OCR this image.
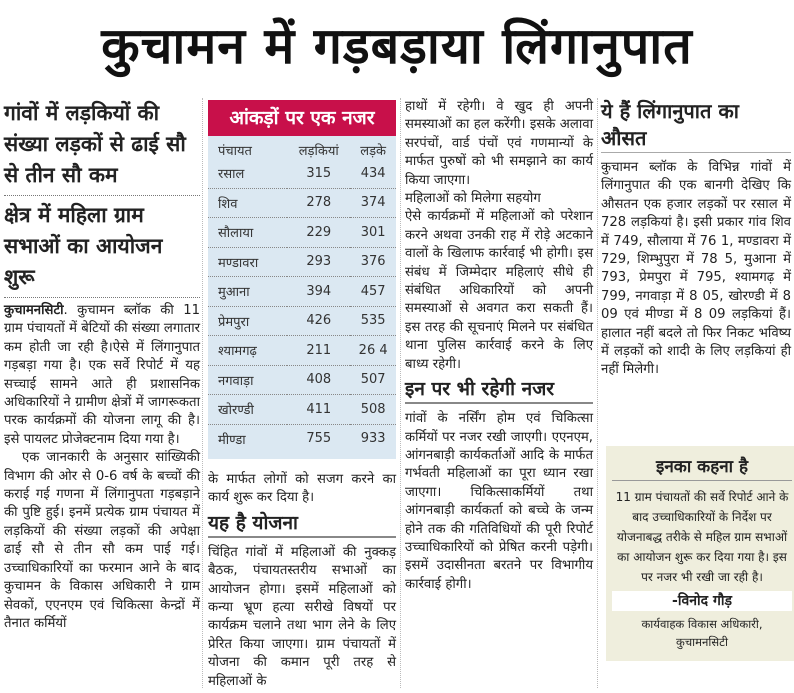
कुचामन में गड़बड़ाया लिंगानुपात
गांवों में लड़कियों की संख्या लड़कों से ढाई सौ से तीन सौ कम
क्षेत्र में महिला ग्राम सभाओं का आयोजन शुरू

कुचामनसिटी. कुचामन ब्लॉक की 11 ग्राम पंचायतों में बेटियों की संख्या लगातार कम होती जा रही है।ऐसे में लिंगानुपात गड़बड़ा गया है। एक सर्वे रिपोर्ट में यह सच्चाई सामने आते ही प्रशासनिक अधिकारियों ने ग्रामीण क्षेत्रों में जागरूकता परक कार्यक्रमों की योजना लागू की है। इसे पायलट प्रोजेक्टनाम दिया गया है।

एक जानकारी के अनुसार सांख्यिकी विभाग की ओर से 0-6 वर्ष के बच्चों की कराई गई गणना में लिंगानुपता गड़बड़ाने की पुष्टि हुई। इनमें प्रत्येक ग्राम पंचायत में लड़कियों की संख्या लड़कों की अपेक्षा ढाई सौ से तीन सौ कम पाई गई। उच्चाधिकारियों का फरमान आने के बाद कुचामन के विकास अधिकारी ने ग्राम सेवकों, एएनएम एवं चिकित्सा केन्द्रों में तैनात कर्मियों

आंकड़ों पर एक नजर
पंचायत	लड़कियां	लड़के
रसाल	315	434
शिव	278	374
सौलाया	229	301
मण्डावरा	293	376
मुआना	394	457
प्रेमपुरा	426	535
श्यामगढ़	211	26 4
नगवाड़ा	408	507
खोरण्डी	411	508
मीण्डा	755	933

के मार्फत लोगों को सजग करने का कार्य शुरू कर दिया है।

यह है योजना

चिंहित गांवों में महिलाओं की नुक्कड़ बैठक, पंचायतस्तरीय सभाओं का आयोजन होगा। इसमें महिलाओं को कन्या भ्रूण हत्या सरीखे विषयों पर कार्यक्रम चलाने तथा भाग लेने के लिए प्रेरित किया जाएगा। ग्राम पंचायतों में योजना की कमान पूरी तरह से महिलाओं के

हाथों में रहेगी। वे खुद ही अपनी समस्याओं का हल करेंगी। इसके अलावा सरपंचों, वार्ड पंचों एवं गणमान्यों के मार्फत पुरुषों को भी समझाने का कार्य किया जाएगा।

महिलाओं को मिलेगा सहयोग

ऐसे कार्यक्रमों में महिलाओं को परेशान करने अथवा उनकी राह में रोड़े अटकाने वालों के खिलाफ कार्रवाई भी होगी। इस संबंध में जिम्मेदार महिलाएं सीधे ही संबंधित अधिकारियों को अपनी समस्याओं से अवगत करा सकती हैं। इस तरह की सूचनाएं मिलने पर संबंधित थाना पुलिस कार्रवाई करने के लिए बाध्य रहेगी।

इन पर भी रहेगी नजर

गांवों के नर्सिंग होम एवं चिकित्सा कर्मियों पर नजर रखी जाएगी। एएनएम, आंगनबाड़ी कार्यकर्ताओं आदि के मार्फत गर्भवती महिलाओं का पूरा ध्यान रखा जाएगा। चिकित्साकर्मियों तथा आंगनबाड़ी कार्यकर्ता को बच्चे के जन्म होने तक की गतिविधियों की पूरी रिपोर्ट उच्चाधिकारियों को प्रेषित करनी पड़ेगी। इसमें उदासीनता बरतने पर विभागीय कार्रवाई होगी।

ये हैं लिंगानुपात का औसत

कुचामन ब्लॉक के विभिन्न गांवों में लिंगानुपात की एक बानगी देखिए कि औसतन एक हजार लड़कों पर रसाल में 728 लड़कियां है। इसी प्रकार गांव शिव में 749, सौलाया में 76 1, मण्डावरा में 729, शिम्भुपुरा में 78 5, मुआना में 793, प्रेमपुरा में 795, श्यामगढ़ में 799, नगवाड़ा में 8 05, खोरण्डी में 8 09 एवं मीण्डा में 8 09 लड़कियां हैं। हालात नहीं बदले तो फिर निकट भविष्य में लड़कों को शादी के लिए लड़कियां ही नहीं मिलेगी।

इनका कहना है
11 ग्राम पंचायतों की सर्वे रिपोर्ट आने के बाद उच्चाधिकारियों के निर्देश पर योजनाबद्ध तरीके से महिल ग्राम सभाओं का आयोजन शुरू कर दिया गया है। इस पर नजर भी रखी जा रही है।
-विनोद गौड़
कार्यवाहक विकास अधिकारी,
कुचामनसिटी
